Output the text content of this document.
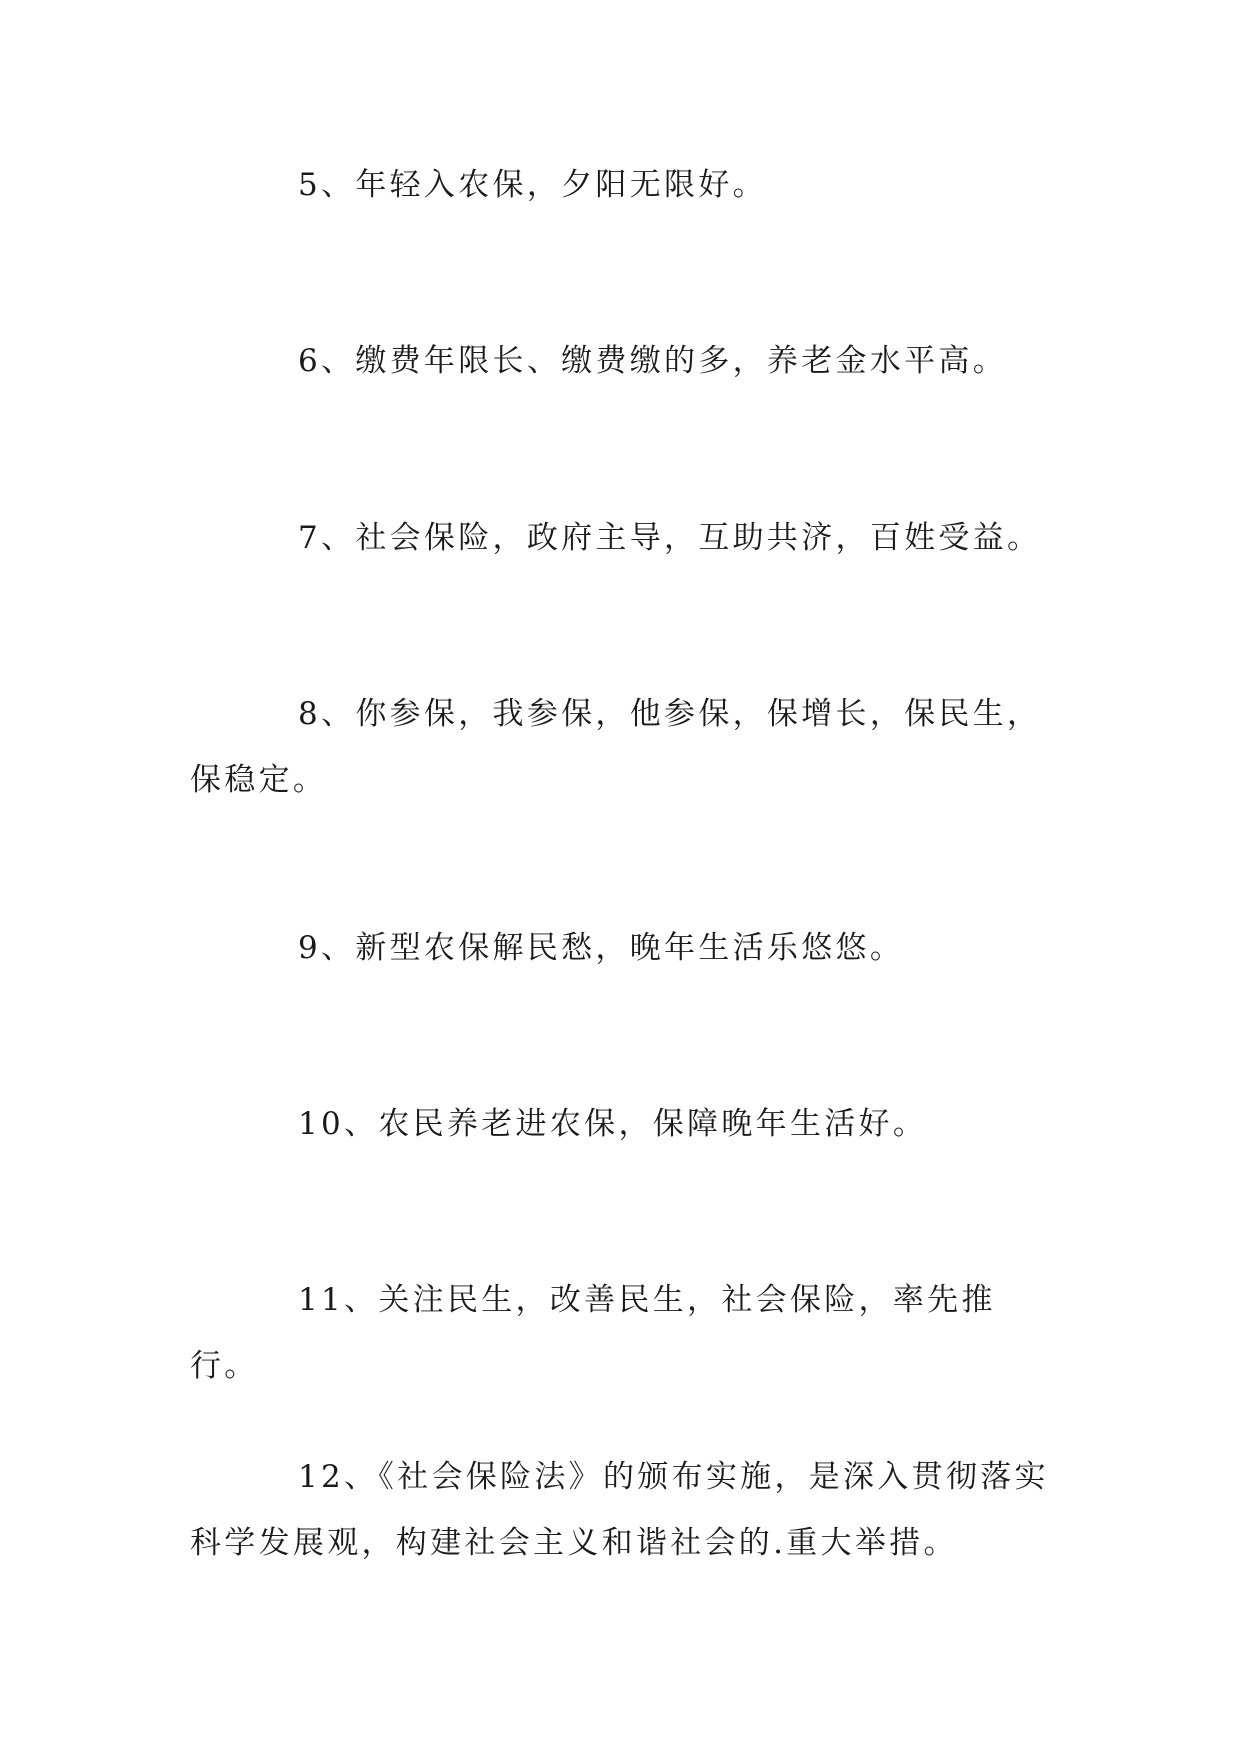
5、年轻入农保，夕阳无限好。

6、缴费年限长、缴费缴的多，养老金水平高。

7、社会保险，政府主导，互助共济，百姓受益。

8、你参保，我参保，他参保，保增长，保民生，保稳定。

9、新型农保解民愁，晚年生活乐悠悠。

10、农民养老进农保，保障晚年生活好。

11、关注民生，改善民生，社会保险，率先推行。

12、《社会保险法》的颁布实施，是深入贯彻落实科学发展观，构建社会主义和谐社会的.重大举措。
